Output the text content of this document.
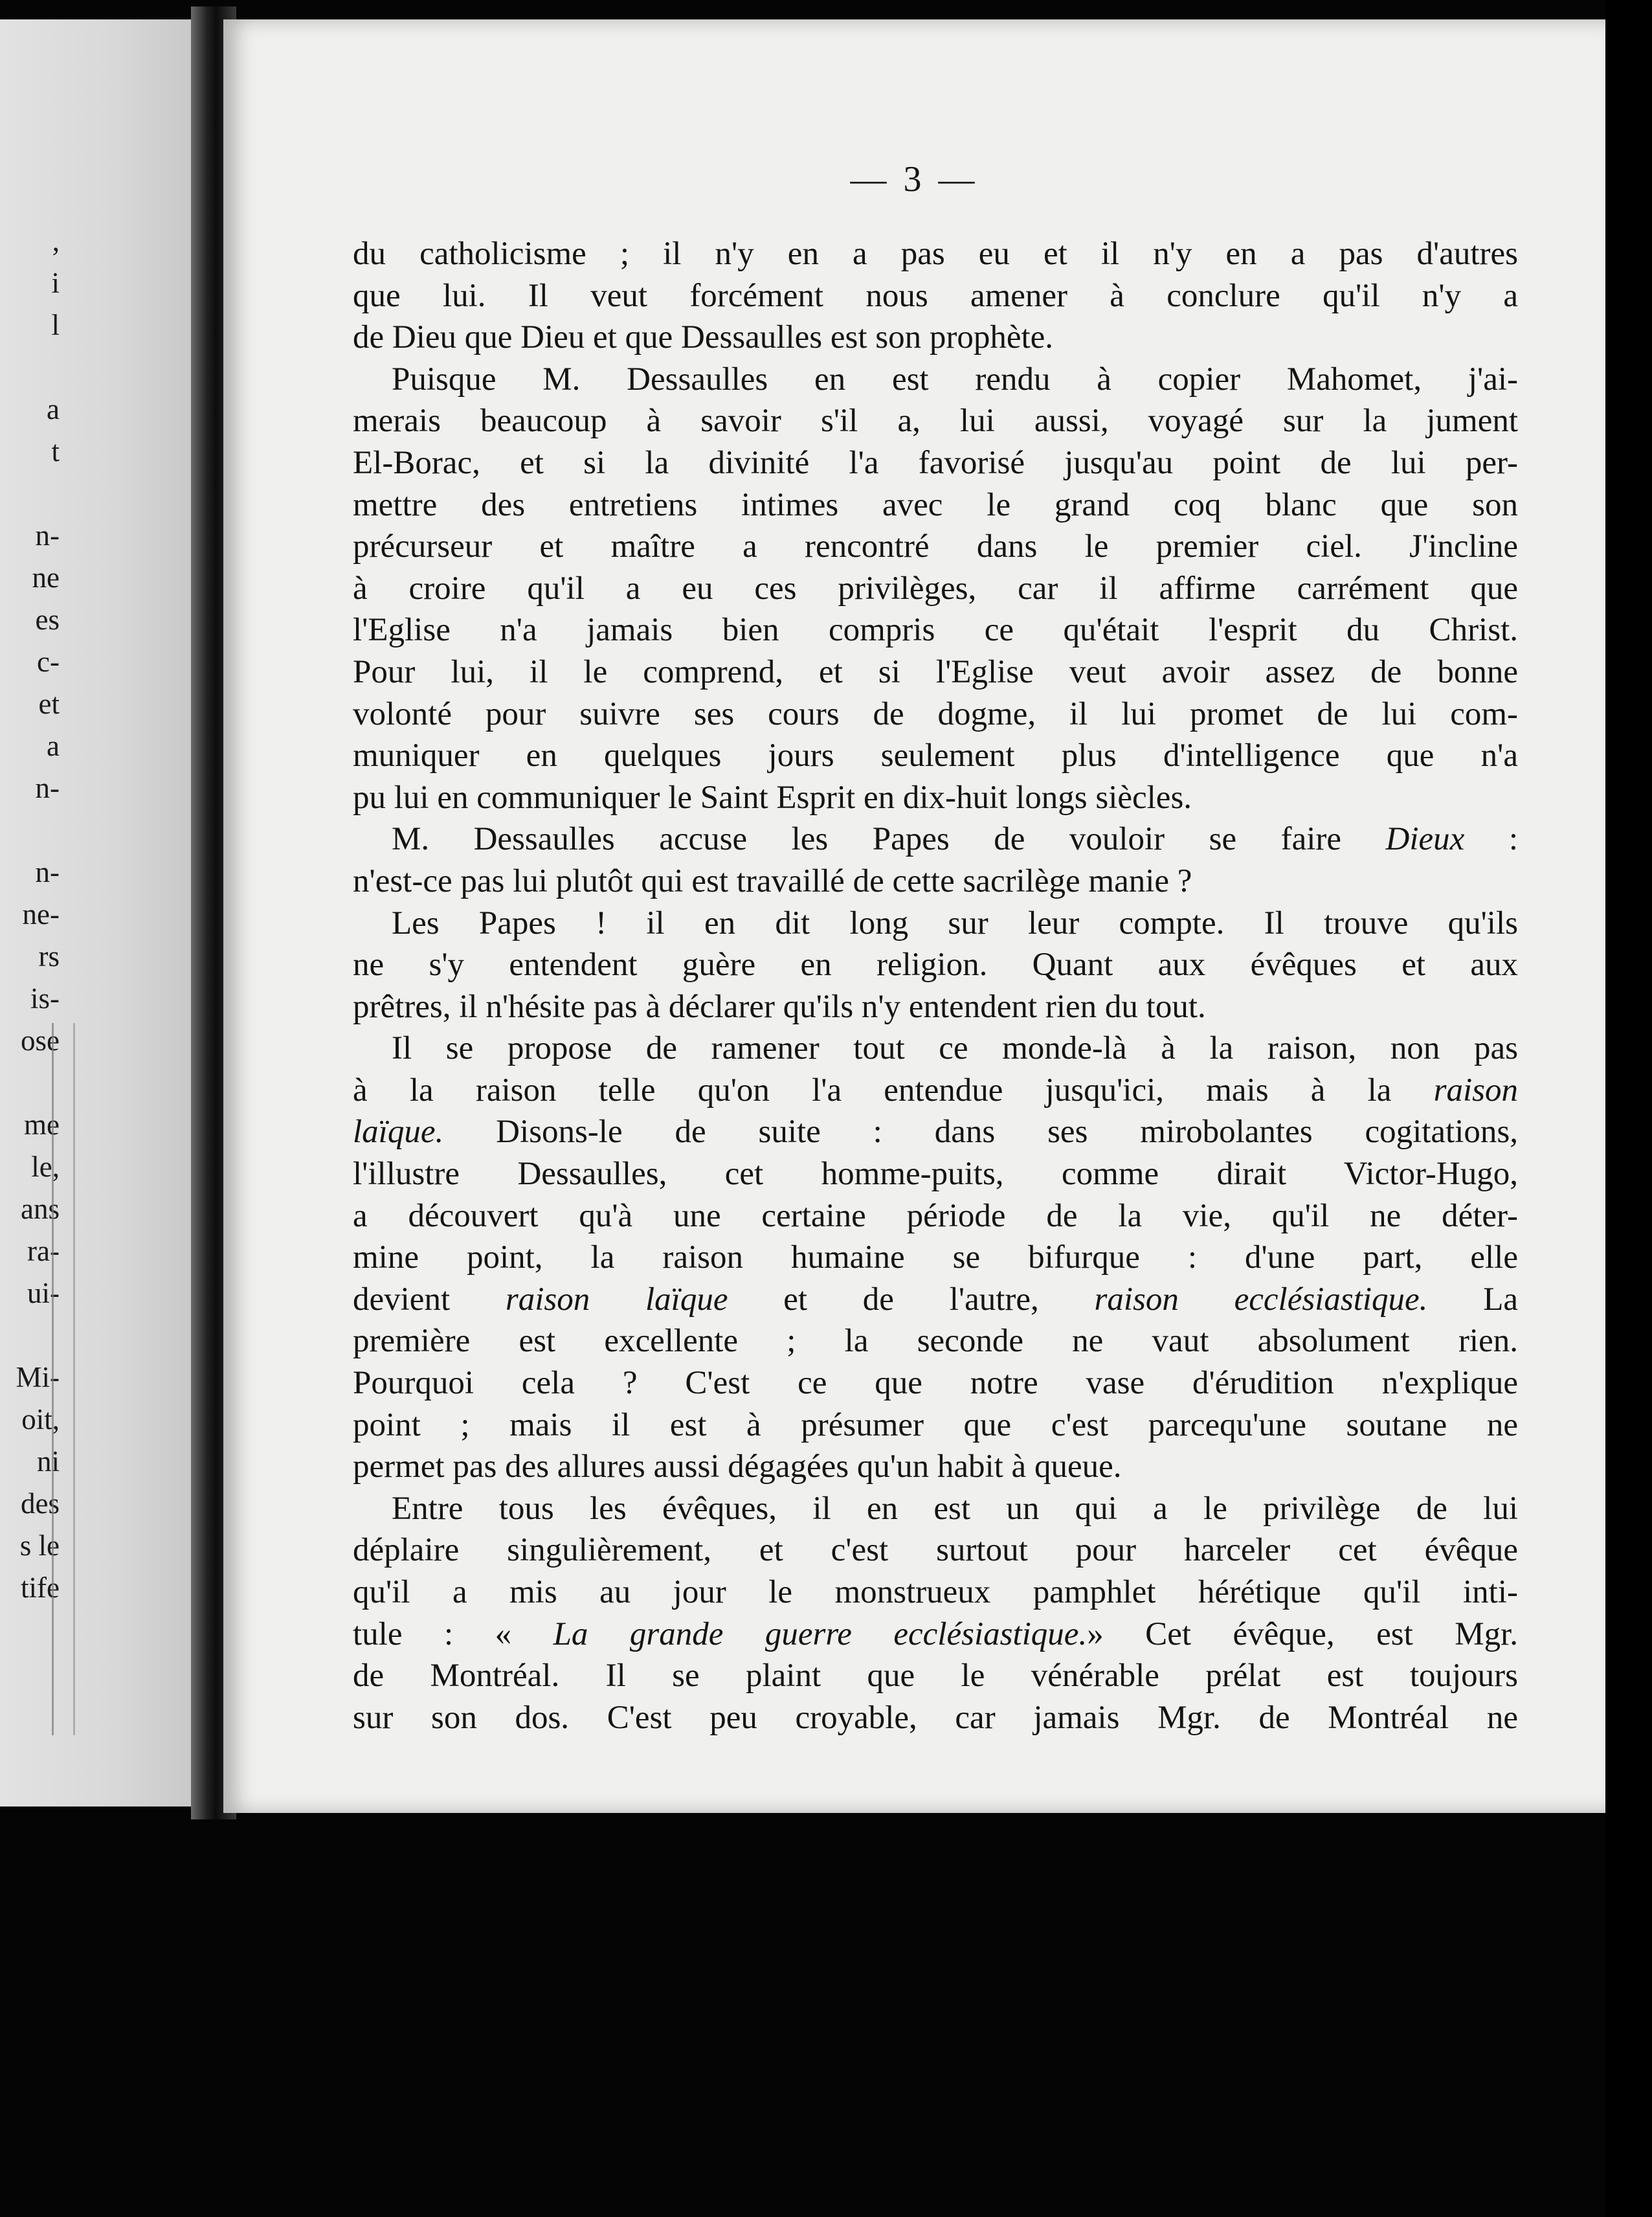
,
i
l
a
t
n-
ne
es
c-
et
a
n-
n-
ne-
rs
is-
ose
me
le,
ans
ra-
ui-
Mi-
oit,
ni
des
s le
tife
— 3 —
du catholicisme ; il n'y en a pas eu et il n'y en a pas d'autres
que lui. Il veut forcément nous amener à conclure qu'il n'y a
de Dieu que Dieu et que Dessaulles est son prophète.
Puisque M. Dessaulles en est rendu à copier Mahomet, j'ai-
merais beaucoup à savoir s'il a, lui aussi, voyagé sur la jument
El-Borac, et si la divinité l'a favorisé jusqu'au point de lui per-
mettre des entretiens intimes avec le grand coq blanc que son
précurseur et maître a rencontré dans le premier ciel. J'incline
à croire qu'il a eu ces privilèges, car il affirme carrément que
l'Eglise n'a jamais bien compris ce qu'était l'esprit du Christ.
Pour lui, il le comprend, et si l'Eglise veut avoir assez de bonne
volonté pour suivre ses cours de dogme, il lui promet de lui com-
muniquer en quelques jours seulement plus d'intelligence que n'a
pu lui en communiquer le Saint Esprit en dix-huit longs siècles.
M. Dessaulles accuse les Papes de vouloir se faire Dieux :
n'est-ce pas lui plutôt qui est travaillé de cette sacrilège manie ?
Les Papes ! il en dit long sur leur compte. Il trouve qu'ils
ne s'y entendent guère en religion. Quant aux évêques et aux
prêtres, il n'hésite pas à déclarer qu'ils n'y entendent rien du tout.
Il se propose de ramener tout ce monde-là à la raison, non pas
à la raison telle qu'on l'a entendue jusqu'ici, mais à la raison
laïque. Disons-le de suite : dans ses mirobolantes cogitations,
l'illustre Dessaulles, cet homme-puits, comme dirait Victor-Hugo,
a découvert qu'à une certaine période de la vie, qu'il ne déter-
mine point, la raison humaine se bifurque : d'une part, elle
devient raison laïque et de l'autre, raison ecclésiastique. La
première est excellente ; la seconde ne vaut absolument rien.
Pourquoi cela ? C'est ce que notre vase d'érudition n'explique
point ; mais il est à présumer que c'est parcequ'une soutane ne
permet pas des allures aussi dégagées qu'un habit à queue.
Entre tous les évêques, il en est un qui a le privilège de lui
déplaire singulièrement, et c'est surtout pour harceler cet évêque
qu'il a mis au jour le monstrueux pamphlet hérétique qu'il inti-
tule : « La grande guerre ecclésiastique.» Cet évêque, est Mgr.
de Montréal. Il se plaint que le vénérable prélat est toujours
sur son dos. C'est peu croyable, car jamais Mgr. de Montréal ne
